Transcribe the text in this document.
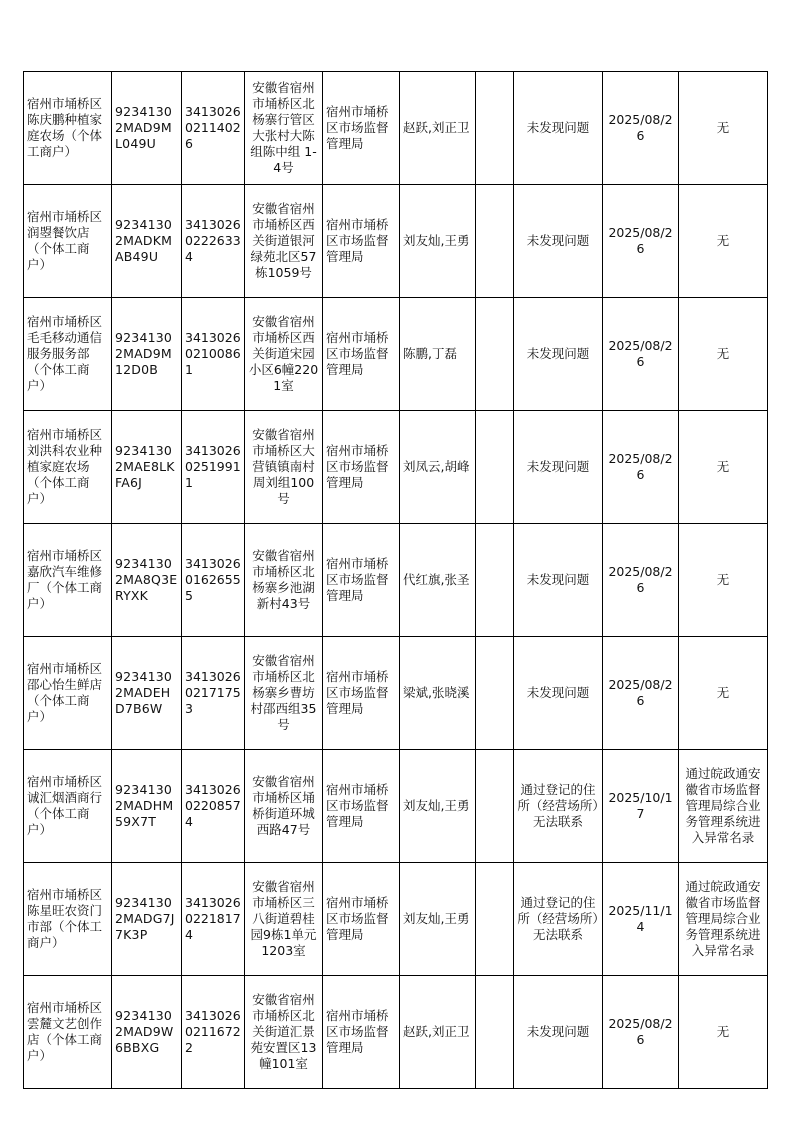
宿州市埇桥区陈庆鹏种植家庭农场（个体工商户）	92341302MAD9ML049U	341302602114026	安徽省宿州市埇桥区北杨寨行管区大张村大陈组陈中组 1-4号	宿州市埇桥区市场监督管理局	赵跃,刘正卫		未发现问题	2025/08/26	无
宿州市埇桥区润曌餐饮店（个体工商户）	92341302MADKMAB49U	341302602226334	安徽省宿州市埇桥区西关街道银河绿苑北区57栋1059号	宿州市埇桥区市场监督管理局	刘友灿,王勇		未发现问题	2025/08/26	无
宿州市埇桥区毛毛移动通信服务服务部（个体工商户）	92341302MAD9M12D0B	341302602100861	安徽省宿州市埇桥区西关街道宋园小区6幢2201室	宿州市埇桥区市场监督管理局	陈鹏,丁磊		未发现问题	2025/08/26	无
宿州市埇桥区刘洪科农业种植家庭农场（个体工商户）	92341302MAE8LKFA6J	341302602519911	安徽省宿州市埇桥区大营镇镇南村周刘组100号	宿州市埇桥区市场监督管理局	刘凤云,胡峰		未发现问题	2025/08/26	无
宿州市埇桥区嘉欣汽车维修厂（个体工商户）	92341302MA8Q3ERYXK	341302601626555	安徽省宿州市埇桥区北杨寨乡池湖新村43号	宿州市埇桥区市场监督管理局	代红旗,张圣		未发现问题	2025/08/26	无
宿州市埇桥区邵心怡生鲜店（个体工商户）	92341302MADEHD7B6W	341302602171753	安徽省宿州市埇桥区北杨寨乡曹坊村邵西组35号	宿州市埇桥区市场监督管理局	梁斌,张晓溪		未发现问题	2025/08/26	无
宿州市埇桥区诚汇烟酒商行（个体工商户）	92341302MADHM59X7T	341302602208574	安徽省宿州市埇桥区埇桥街道环城西路47号	宿州市埇桥区市场监督管理局	刘友灿,王勇		通过登记的住所（经营场所）无法联系	2025/10/17	通过皖政通安徽省市场监督管理局综合业务管理系统进入异常名录
宿州市埇桥区陈星旺农资门市部（个体工商户）	92341302MADG7J7K3P	341302602218174	安徽省宿州市埇桥区三八街道碧桂园9栋1单元1203室	宿州市埇桥区市场监督管理局	刘友灿,王勇		通过登记的住所（经营场所）无法联系	2025/11/14	通过皖政通安徽省市场监督管理局综合业务管理系统进入异常名录
宿州市埇桥区雲麓文艺创作店（个体工商户）	92341302MAD9W6BBXG	341302602116722	安徽省宿州市埇桥区北关街道汇景苑安置区13幢101室	宿州市埇桥区市场监督管理局	赵跃,刘正卫		未发现问题	2025/08/26	无
